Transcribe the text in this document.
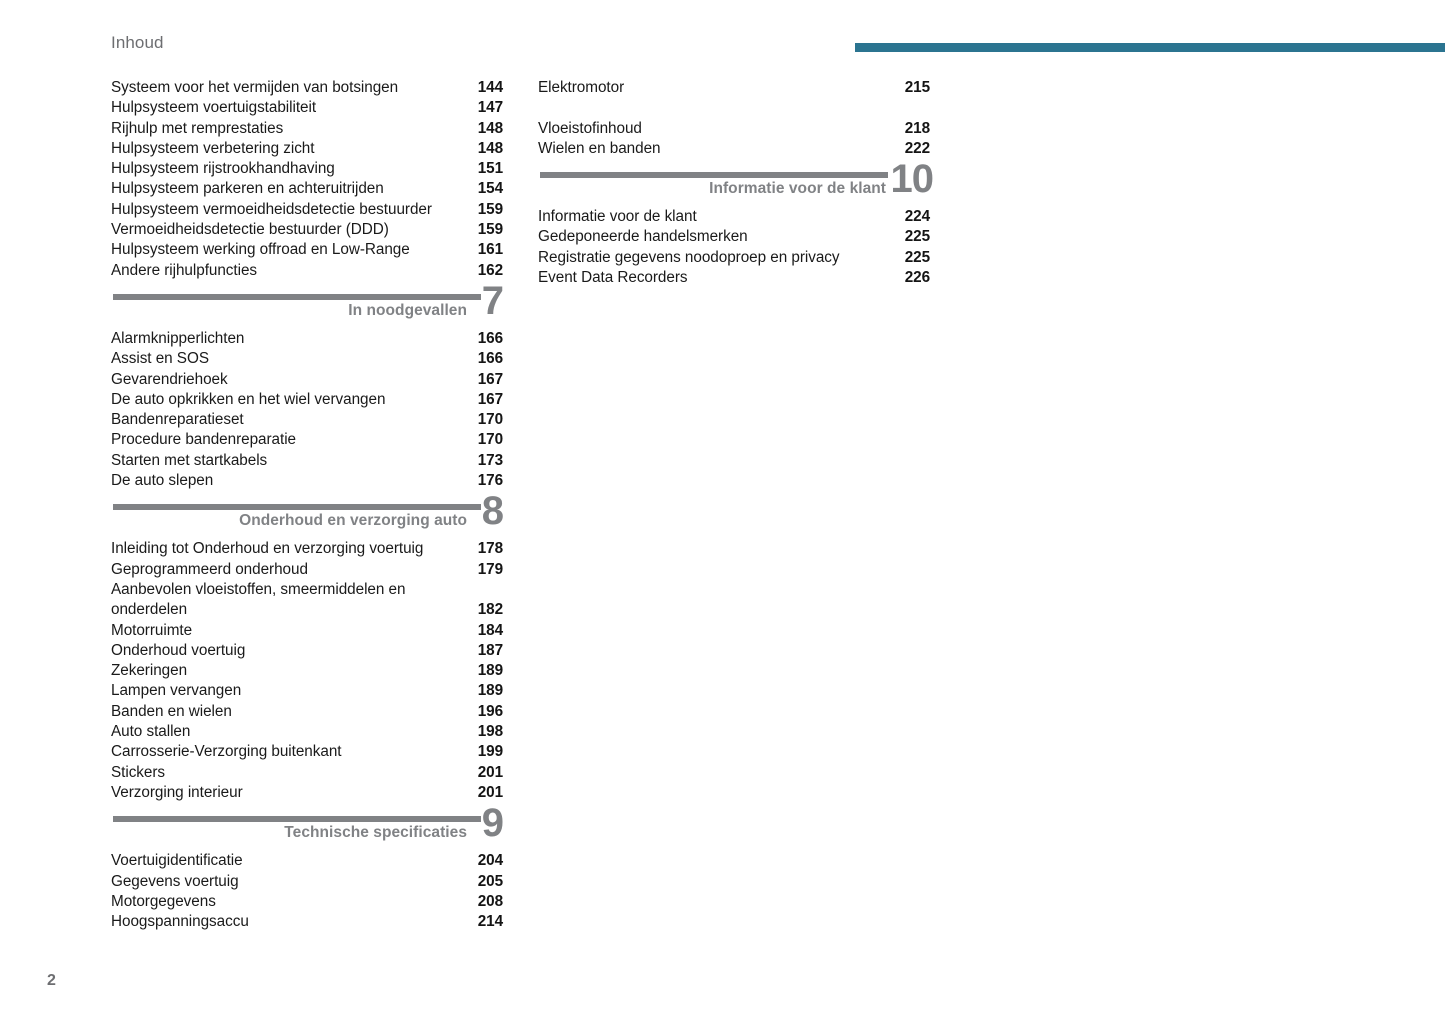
Inhoud
Systeem voor het vermijden van botsingen	144
Hulpsysteem voertuigstabiliteit	147
Rijhulp met remprestaties	148
Hulpsysteem verbetering zicht	148
Hulpsysteem rijstrookhandhaving	151
Hulpsysteem parkeren en achteruitrijden	154
Hulpsysteem vermoeidheidsdetectie bestuurder	159
Vermoeidheidsdetectie bestuurder (DDD)	159
Hulpsysteem werking offroad en Low-Range	161
Andere rijhulpfuncties	162
In noodgevallen 7
Alarmknipperlichten	166
Assist en SOS	166
Gevarendriehoek	167
De auto opkrikken en het wiel vervangen	167
Bandenreparatieset	170
Procedure bandenreparatie	170
Starten met startkabels	173
De auto slepen	176
Onderhoud en verzorging auto 8
Inleiding tot Onderhoud en verzorging voertuig	178
Geprogrammeerd onderhoud	179
Aanbevolen vloeistoffen, smeermiddelen en
onderdelen	182
Motorruimte	184
Onderhoud voertuig	187
Zekeringen	189
Lampen vervangen	189
Banden en wielen	196
Auto stallen	198
Carrosserie-Verzorging buitenkant	199
Stickers	201
Verzorging interieur	201
Technische specificaties 9
Voertuigidentificatie	204
Gegevens voertuig	205
Motorgegevens	208
Hoogspanningsaccu	214
Elektromotor	215
Vloeistofinhoud	218
Wielen en banden	222
Informatie voor de klant 10
Informatie voor de klant	224
Gedeponeerde handelsmerken	225
Registratie gegevens noodoproep en privacy	225
Event Data Recorders	226
2
